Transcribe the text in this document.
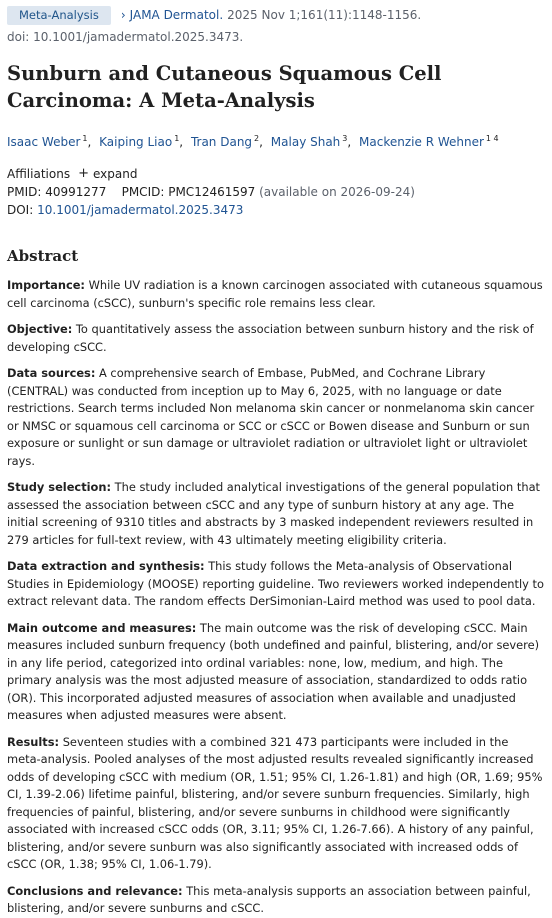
Meta-Analysis	› JAMA Dermatol. 2025 Nov 1;161(11):1148-1156.
doi: 10.1001/jamadermatol.2025.3473.
Sunburn and Cutaneous Squamous Cell Carcinoma: A Meta-Analysis
Isaac Weber $^1$, Kaiping Liao $^1$, Tran Dang $^2$, Malay Shah $^3$, Mackenzie R Wehner $^{1 4}$
Affiliations + expand
PMID: 40991277 PMCID: PMC12461597 (available on 2026-09-24)
DOI: 10.1001/jamadermatol.2025.3473
Abstract

Importance: While UV radiation is a known carcinogen associated with cutaneous squamous cell carcinoma (cSCC), sunburn's specific role remains less clear.

Objective: To quantitatively assess the association between sunburn history and the risk of developing cSCC.

Data sources: A comprehensive search of Embase, PubMed, and Cochrane Library (CENTRAL) was conducted from inception up to May 6, 2025, with no language or date restrictions. Search terms included Non melanoma skin cancer or nonmelanoma skin cancer or NMSC or squamous cell carcinoma or SCC or cSCC or Bowen disease and Sunburn or sun exposure or sunlight or sun damage or ultraviolet radiation or ultraviolet light or ultraviolet rays.

Study selection: The study included analytical investigations of the general population that assessed the association between cSCC and any type of sunburn history at any age. The initial screening of 9310 titles and abstracts by 3 masked independent reviewers resulted in 279 articles for full-text review, with 43 ultimately meeting eligibility criteria.

Data extraction and synthesis: This study follows the Meta-analysis of Observational Studies in Epidemiology (MOOSE) reporting guideline. Two reviewers worked independently to extract relevant data. The random effects DerSimonian-Laird method was used to pool data.

Main outcome and measures: The main outcome was the risk of developing cSCC. Main measures included sunburn frequency (both undefined and painful, blistering, and/or severe) in any life period, categorized into ordinal variables: none, low, medium, and high. The primary analysis was the most adjusted measure of association, standardized to odds ratio (OR). This incorporated adjusted measures of association when available and unadjusted measures when adjusted measures were absent.

Results: Seventeen studies with a combined 321 473 participants were included in the meta-analysis. Pooled analyses of the most adjusted results revealed significantly increased odds of developing cSCC with medium (OR, 1.51; 95% CI, 1.26-1.81) and high (OR, 1.69; 95% CI, 1.39-2.06) lifetime painful, blistering, and/or severe sunburn frequencies. Similarly, high frequencies of painful, blistering, and/or severe sunburns in childhood were significantly associated with increased cSCC odds (OR, 3.11; 95% CI, 1.26-7.66). A history of any painful, blistering, and/or severe sunburn was also significantly associated with increased odds of cSCC (OR, 1.38; 95% CI, 1.06-1.79).

Conclusions and relevance: This meta-analysis supports an association between painful, blistering, and/or severe sunburns and cSCC.
